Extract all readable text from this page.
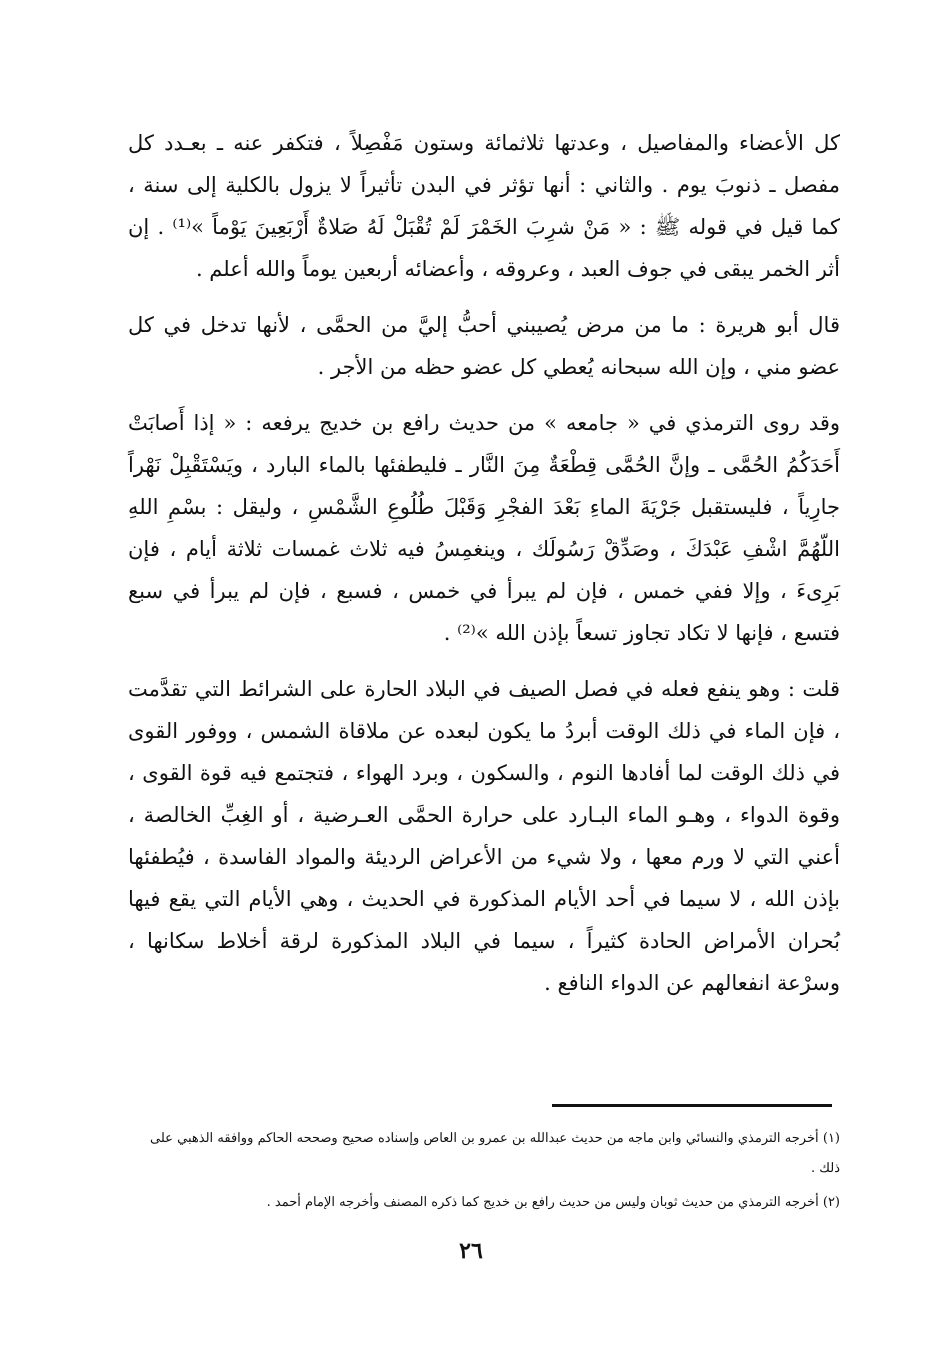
كل الأعضاء والمفاصيل ، وعدتها ثلاثمائة وستون مَفْصِلاً ، فتكفر عنه ـ بعـدد كل مفصل ـ ذنوبَ يوم . والثاني : أنها تؤثر في البدن تأثيراً لا يزول بالكلية إلى سنة ، كما قيل في قوله ﷺ : « مَنْ شرِبَ الخَمْرَ لَمْ تُقْبَلْ لَهُ صَلاةٌ أَرْبَعِينَ يَوْماً »⁽¹⁾ . إن أثر الخمر يبقى في جوف العبد ، وعروقه ، وأعضائه أربعين يوماً والله أعلم .

قال أبو هريرة : ما من مرض يُصيبني أحبُّ إليَّ من الحمَّى ، لأنها تدخل في كل عضو مني ، وإن الله سبحانه يُعطي كل عضو حظه من الأجر .

وقد روى الترمذي في « جامعه » من حديث رافع بن خديج يرفعه : « إذا أَصابَتْ أَحَدَكُمُ الحُمَّى ـ وإنَّ الحُمَّى قِطْعَةٌ مِنَ النَّار ـ فليطفئها بالماء البارد ، ويَسْتَقْبِلْ نَهْراً جارِياً ، فليستقبل جَرْيَةَ الماءِ بَعْدَ الفجْرِ وَقَبْلَ طُلُوعِ الشَّمْسِ ، وليقل : بسْمِ اللهِ اللّهُمَّ اشْفِ عَبْدَكَ ، وصَدِّقْ رَسُولَك ، وينغمِسُ فيه ثلاث غمسات ثلاثة أيام ، فإن بَرِىءَ ، وإلا ففي خمس ، فإن لم يبرأ في خمس ، فسبع ، فإن لم يبرأ في سبع فتسع ، فإنها لا تكاد تجاوز تسعاً بإذن الله »⁽²⁾ .

قلت : وهو ينفع فعله في فصل الصيف في البلاد الحارة على الشرائط التي تقدَّمت ، فإن الماء في ذلك الوقت أبردُ ما يكون لبعده عن ملاقاة الشمس ، ووفور القوى في ذلك الوقت لما أفادها النوم ، والسكون ، وبرد الهواء ، فتجتمع فيه قوة القوى ، وقوة الدواء ، وهـو الماء البـارد على حرارة الحمَّى العـرضية ، أو الغِبِّ الخالصة ، أعني التي لا ورم معها ، ولا شيء من الأعراض الرديئة والمواد الفاسدة ، فيُطفئها بإذن الله ، لا سيما في أحد الأيام المذكورة في الحديث ، وهي الأيام التي يقع فيها بُحران الأمراض الحادة كثيراً ، سيما في البلاد المذكورة لرقة أخلاط سكانها ، وسرْعة انفعالهم عن الدواء النافع .

(١) أخرجه الترمذي والنسائي وابن ماجه من حديث عبدالله بن عمرو بن العاص وإسناده صحيح وصححه الحاكم ووافقه الذهبي على ذلك .

(٢) أخرجه الترمذي من حديث ثوبان وليس من حديث رافع بن خديج كما ذكره المصنف وأخرجه الإمام أحمد .

٢٦
